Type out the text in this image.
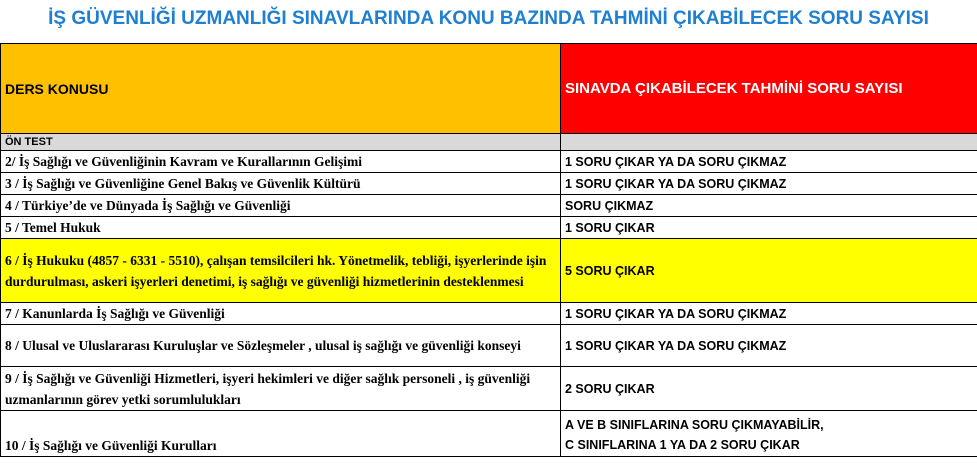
İŞ GÜVENLİĞİ UZMANLIĞI SINAVLARINDA KONU BAZINDA TAHMİNİ ÇIKABİLECEK SORU SAYISI
DERS KONUSU	SINAVDA ÇIKABİLECEK TAHMİNİ SORU SAYISI
ÖN TEST	
2/ İş Sağlığı ve Güvenliğinin Kavram ve Kurallarının Gelişimi	1 SORU ÇIKAR YA DA SORU ÇIKMAZ
3 / İş Sağlığı ve Güvenliğine Genel Bakış ve Güvenlik Kültürü	1 SORU ÇIKAR YA DA SORU ÇIKMAZ
4 / Türkiye’de ve Dünyada İş Sağlığı ve Güvenliği	SORU ÇIKMAZ
5 / Temel Hukuk	1 SORU ÇIKAR
6 / İş Hukuku (4857 - 6331 - 5510), çalışan temsilcileri hk. Yönetmelik, tebliği, işyerlerinde işin durdurulması, askeri işyerleri denetimi, iş sağlığı ve güvenliği hizmetlerinin desteklenmesi	5 SORU ÇIKAR
7 / Kanunlarda İş Sağlığı ve Güvenliği	1 SORU ÇIKAR YA DA SORU ÇIKMAZ
8 / Ulusal ve Uluslararası Kuruluşlar ve Sözleşmeler , ulusal iş sağlığı ve güvenliği konseyi	1 SORU ÇIKAR YA DA SORU ÇIKMAZ
9 / İş Sağlığı ve Güvenliği Hizmetleri, işyeri hekimleri ve diğer sağlık personeli , iş güvenliği uzmanlarının görev yetki sorumlulukları	2 SORU ÇIKAR
10 / İş Sağlığı ve Güvenliği Kurulları	A VE B SINIFLARINA SORU ÇIKMAYABİLİR,
C SINIFLARINA 1 YA DA 2 SORU ÇIKAR
